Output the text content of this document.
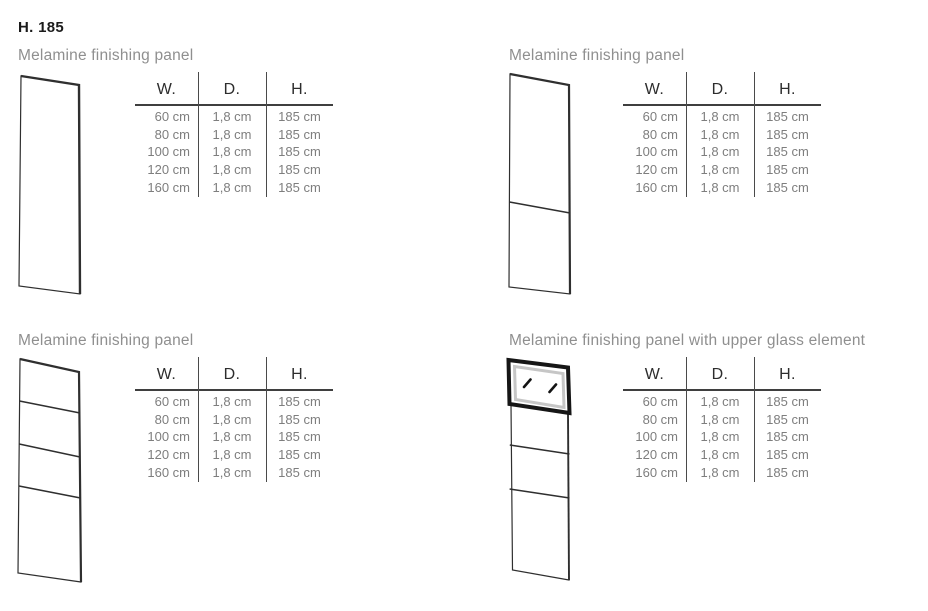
H. 185
Melamine finishing panel
W.	D.	H.
60 cm	1,8 cm	185 cm
80 cm	1,8 cm	185 cm
100 cm	1,8 cm	185 cm
120 cm	1,8 cm	185 cm
160 cm	1,8 cm	185 cm
Melamine finishing panel
W.	D.	H.
60 cm	1,8 cm	185 cm
80 cm	1,8 cm	185 cm
100 cm	1,8 cm	185 cm
120 cm	1,8 cm	185 cm
160 cm	1,8 cm	185 cm
Melamine finishing panel
W.	D.	H.
60 cm	1,8 cm	185 cm
80 cm	1,8 cm	185 cm
100 cm	1,8 cm	185 cm
120 cm	1,8 cm	185 cm
160 cm	1,8 cm	185 cm
Melamine finishing panel with upper glass element
W.	D.	H.
60 cm	1,8 cm	185 cm
80 cm	1,8 cm	185 cm
100 cm	1,8 cm	185 cm
120 cm	1,8 cm	185 cm
160 cm	1,8 cm	185 cm
